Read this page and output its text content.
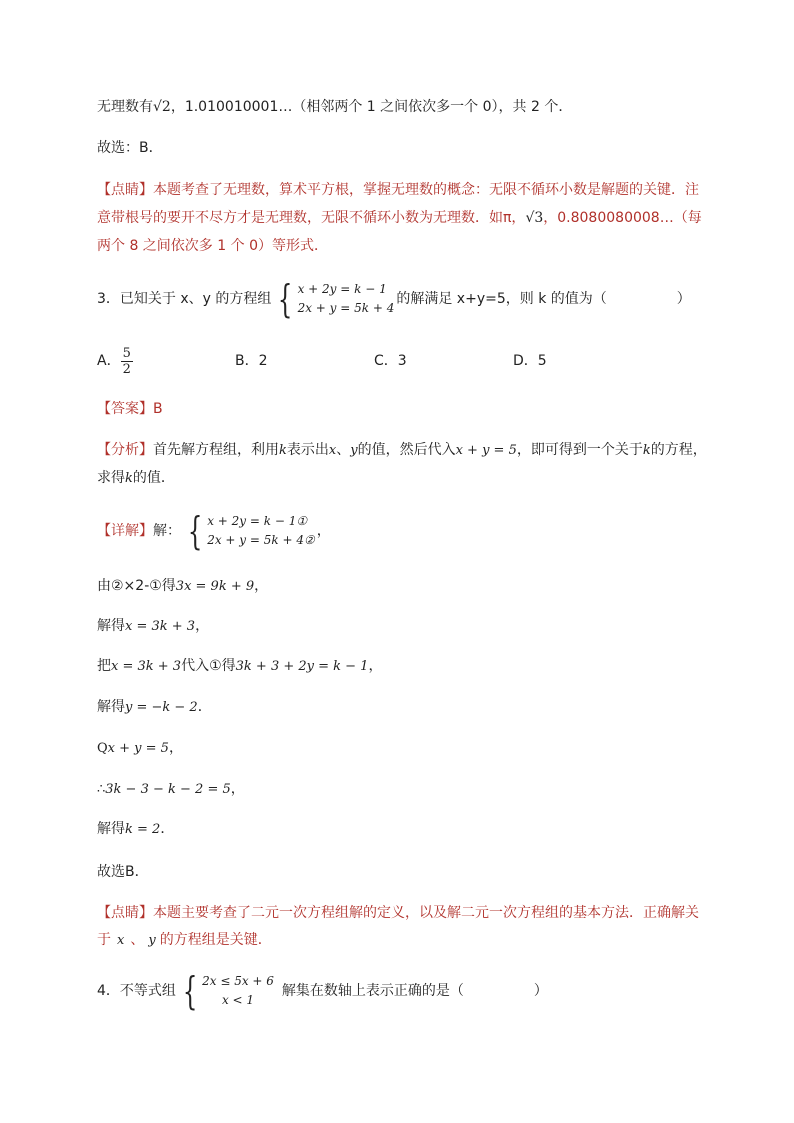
无理数有√2，1.010010001…（相邻两个 1 之间依次多一个 0），共 2 个．
故选：B．
【点睛】本题考查了无理数，算术平方根，掌握无理数的概念：无限不循环小数是解题的关键．注
意带根号的要开不尽方才是无理数，无限不循环小数为无理数．如π，√3，0.8080080008…（每
两个 8 之间依次多 1 个 0）等形式．
3．已知关于 x、y 的方程组 { x + 2y = k − 1
2x + y = 5k + 4
的解满足 x+y=5，则 k 的值为（　　　　　）
A． $\frac{5}{2}$	B．2	C．3	D．5
【答案】B
【分析】首先解方程组，利用k表示出x、y的值，然后代入x + y = 5，即可得到一个关于k的方程，
求得k的值．
【详解】解： { x + 2y = k − 1①
2x + y = 5k + 4②
，
由②×2-①得3x = 9k + 9，
解得x = 3k + 3，
把x = 3k + 3代入①得3k + 3 + 2y = k − 1，
解得y = −k − 2．
Qx + y = 5，
∴3k − 3 − k − 2 = 5，
解得k = 2．
故选B．
【点睛】本题主要考查了二元一次方程组解的定义，以及解二元一次方程组的基本方法．正确解关
于 x 、 y 的方程组是关键．
4．不等式组 { 2x ≤ 5x + 6
x < 1
解集在数轴上表示正确的是（　　　　　）
